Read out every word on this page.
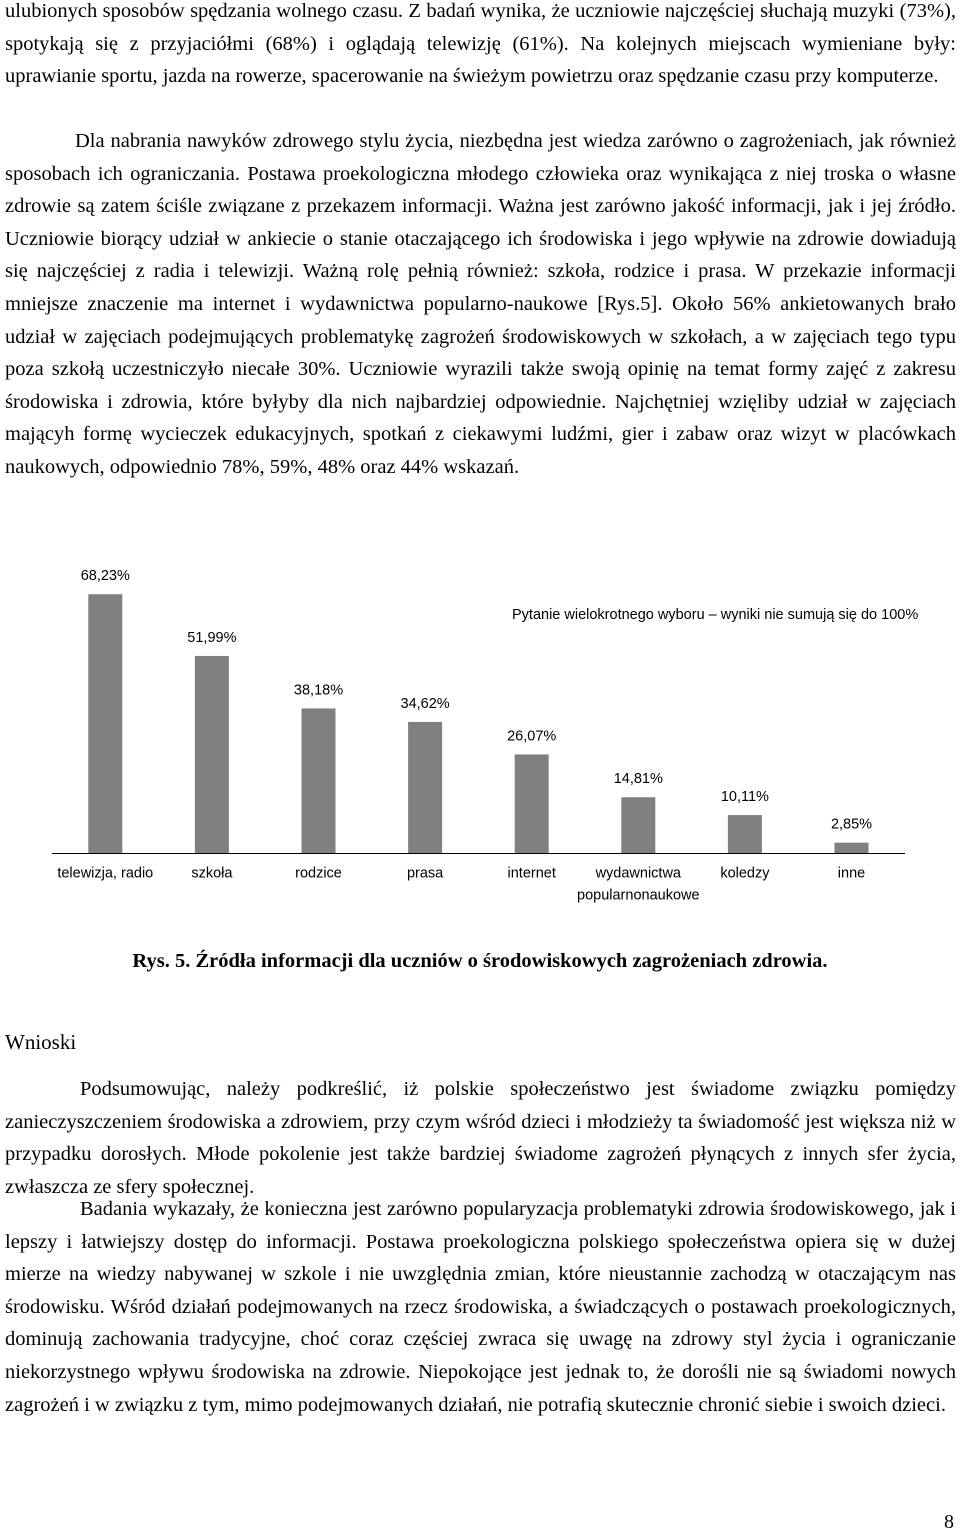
ulubionych sposobów spędzania wolnego czasu. Z badań wynika, że uczniowie najczęściej słuchają muzyki (73%), spotykają się z przyjaciółmi (68%) i oglądają telewizję (61%). Na kolejnych miejscach wymieniane były: uprawianie sportu, jazda na rowerze, spacerowanie na świeżym powietrzu oraz spędzanie czasu przy komputerze.

Dla nabrania nawyków zdrowego stylu życia, niezbędna jest wiedza zarówno o zagrożeniach, jak również sposobach ich ograniczania. Postawa proekologiczna młodego człowieka oraz wynikająca z niej troska o własne zdrowie są zatem ściśle związane z przekazem informacji. Ważna jest zarówno jakość informacji, jak i jej źródło. Uczniowie biorący udział w ankiecie o stanie otaczającego ich środowiska i jego wpływie na zdrowie dowiadują się najczęściej z radia i telewizji. Ważną rolę pełnią również: szkoła, rodzice i prasa. W przekazie informacji mniejsze znaczenie ma internet i wydawnictwa popularno-naukowe [Rys.5]. Około 56% ankietowanych brało udział w zajęciach podejmujących problematykę zagrożeń środowiskowych w szkołach, a w zajęciach tego typu poza szkołą uczestniczyło niecałe 30%. Uczniowie wyrazili także swoją opinię na temat formy zajęć z zakresu środowiska i zdrowia, które byłyby dla nich najbardziej odpowiednie. Najchętniej wzięliby udział w zajęciach mającyh formę wycieczek edukacyjnych, spotkań z ciekawymi ludźmi, gier i zabaw oraz wizyt w placówkach naukowych, odpowiednio 78%, 59%, 48% oraz 44% wskazań.

68,23%
telewizja, radio
51,99%
szkoła
38,18%
rodzice
34,62%
prasa
26,07%
internet
14,81%
wydawnictwa
popularnonaukowe
10,11%
koledzy
2,85%
inne
Pytanie wielokrotnego wyboru – wyniki nie sumują się do 100%

Rys. 5. Źródła informacji dla uczniów o środowiskowych zagrożeniach zdrowia.

Wnioski

Podsumowując, należy podkreślić, iż polskie społeczeństwo jest świadome związku pomiędzy zanieczyszczeniem środowiska a zdrowiem, przy czym wśród dzieci i młodzieży ta świadomość jest większa niż w przypadku dorosłych. Młode pokolenie jest także bardziej świadome zagrożeń płynących z innych sfer życia, zwłaszcza ze sfery społecznej.

Badania wykazały, że konieczna jest zarówno popularyzacja problematyki zdrowia środowiskowego, jak i lepszy i łatwiejszy dostęp do informacji. Postawa proekologiczna polskiego społeczeństwa opiera się w dużej mierze na wiedzy nabywanej w szkole i nie uwzględnia zmian, które nieustannie zachodzą w otaczającym nas środowisku. Wśród działań podejmowanych na rzecz środowiska, a świadczących o postawach proekologicznych, dominują zachowania tradycyjne, choć coraz częściej zwraca się uwagę na zdrowy styl życia i ograniczanie niekorzystnego wpływu środowiska na zdrowie. Niepokojące jest jednak to, że dorośli nie są świadomi nowych zagrożeń i w związku z tym, mimo podejmowanych działań, nie potrafią skutecznie chronić siebie i swoich dzieci.

8
